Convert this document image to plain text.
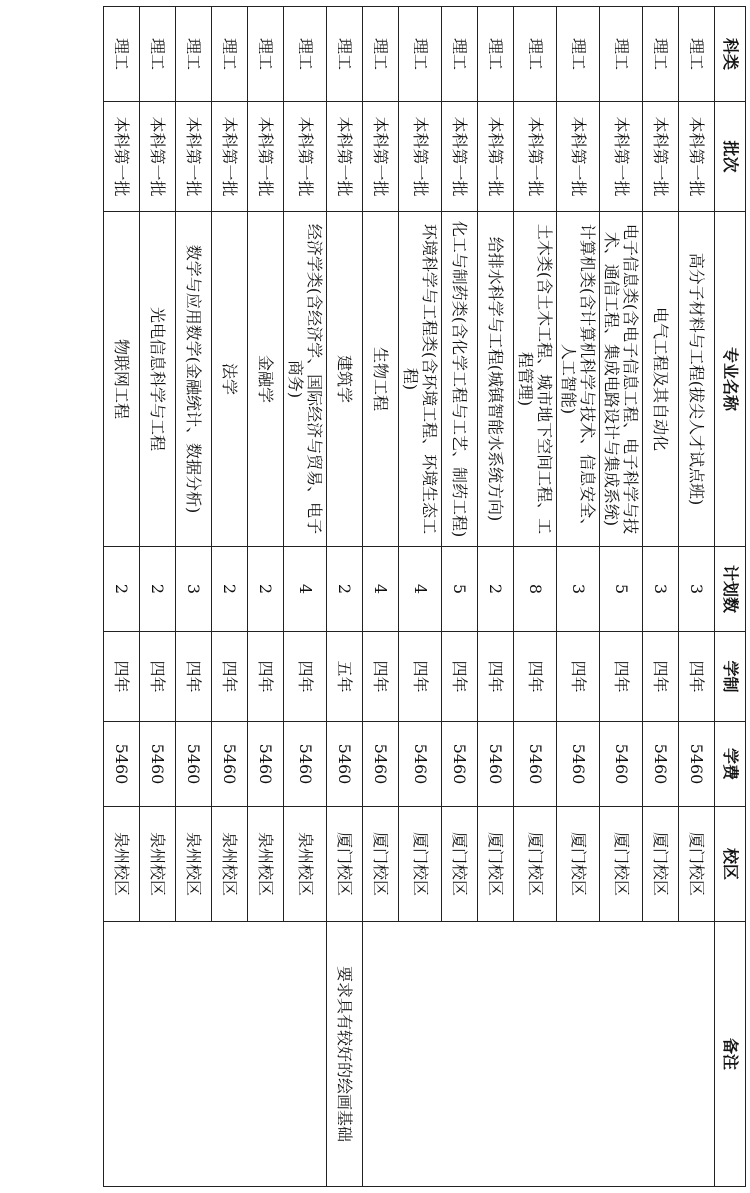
科类	批次	专业名称	计划数	学制	学费	校区	备注
理工	本科第一批	高分子材料与工程(拔尖人才试点班)	3	四年	5460	厦门校区	
理工	本科第一批	电气工程及其自动化	3	四年	5460	厦门校区	
理工	本科第一批	电子信息类(含电子信息工程、电子科学与技术、通信工程、集成电路设计与集成系统)	5	四年	5460	厦门校区	
理工	本科第一批	计算机类(含计算机科学与技术、信息安全、人工智能)	3	四年	5460	厦门校区	
理工	本科第一批	土木类(含土木工程、城市地下空间工程、工程管理)	8	四年	5460	厦门校区	
理工	本科第一批	给排水科学与工程(城镇智能水系统方向)	2	四年	5460	厦门校区	
理工	本科第一批	化工与制药类(含化学工程与工艺、制药工程)	5	四年	5460	厦门校区	
理工	本科第一批	环境科学与工程类(含环境工程、环境生态工程)	4	四年	5460	厦门校区	
理工	本科第一批	生物工程	4	四年	5460	厦门校区	
理工	本科第一批	建筑学	2	五年	5460	厦门校区	要求具有较好的绘画基础
理工	本科第一批	经济学类(含经济学、国际经济与贸易、电子商务)	4	四年	5460	泉州校区	
理工	本科第一批	金融学	2	四年	5460	泉州校区	
理工	本科第一批	法学	2	四年	5460	泉州校区	
理工	本科第一批	数学与应用数学(金融统计、数据分析)	3	四年	5460	泉州校区	
理工	本科第一批	光电信息科学与工程	2	四年	5460	泉州校区	
理工	本科第一批	物联网工程	2	四年	5460	泉州校区	
